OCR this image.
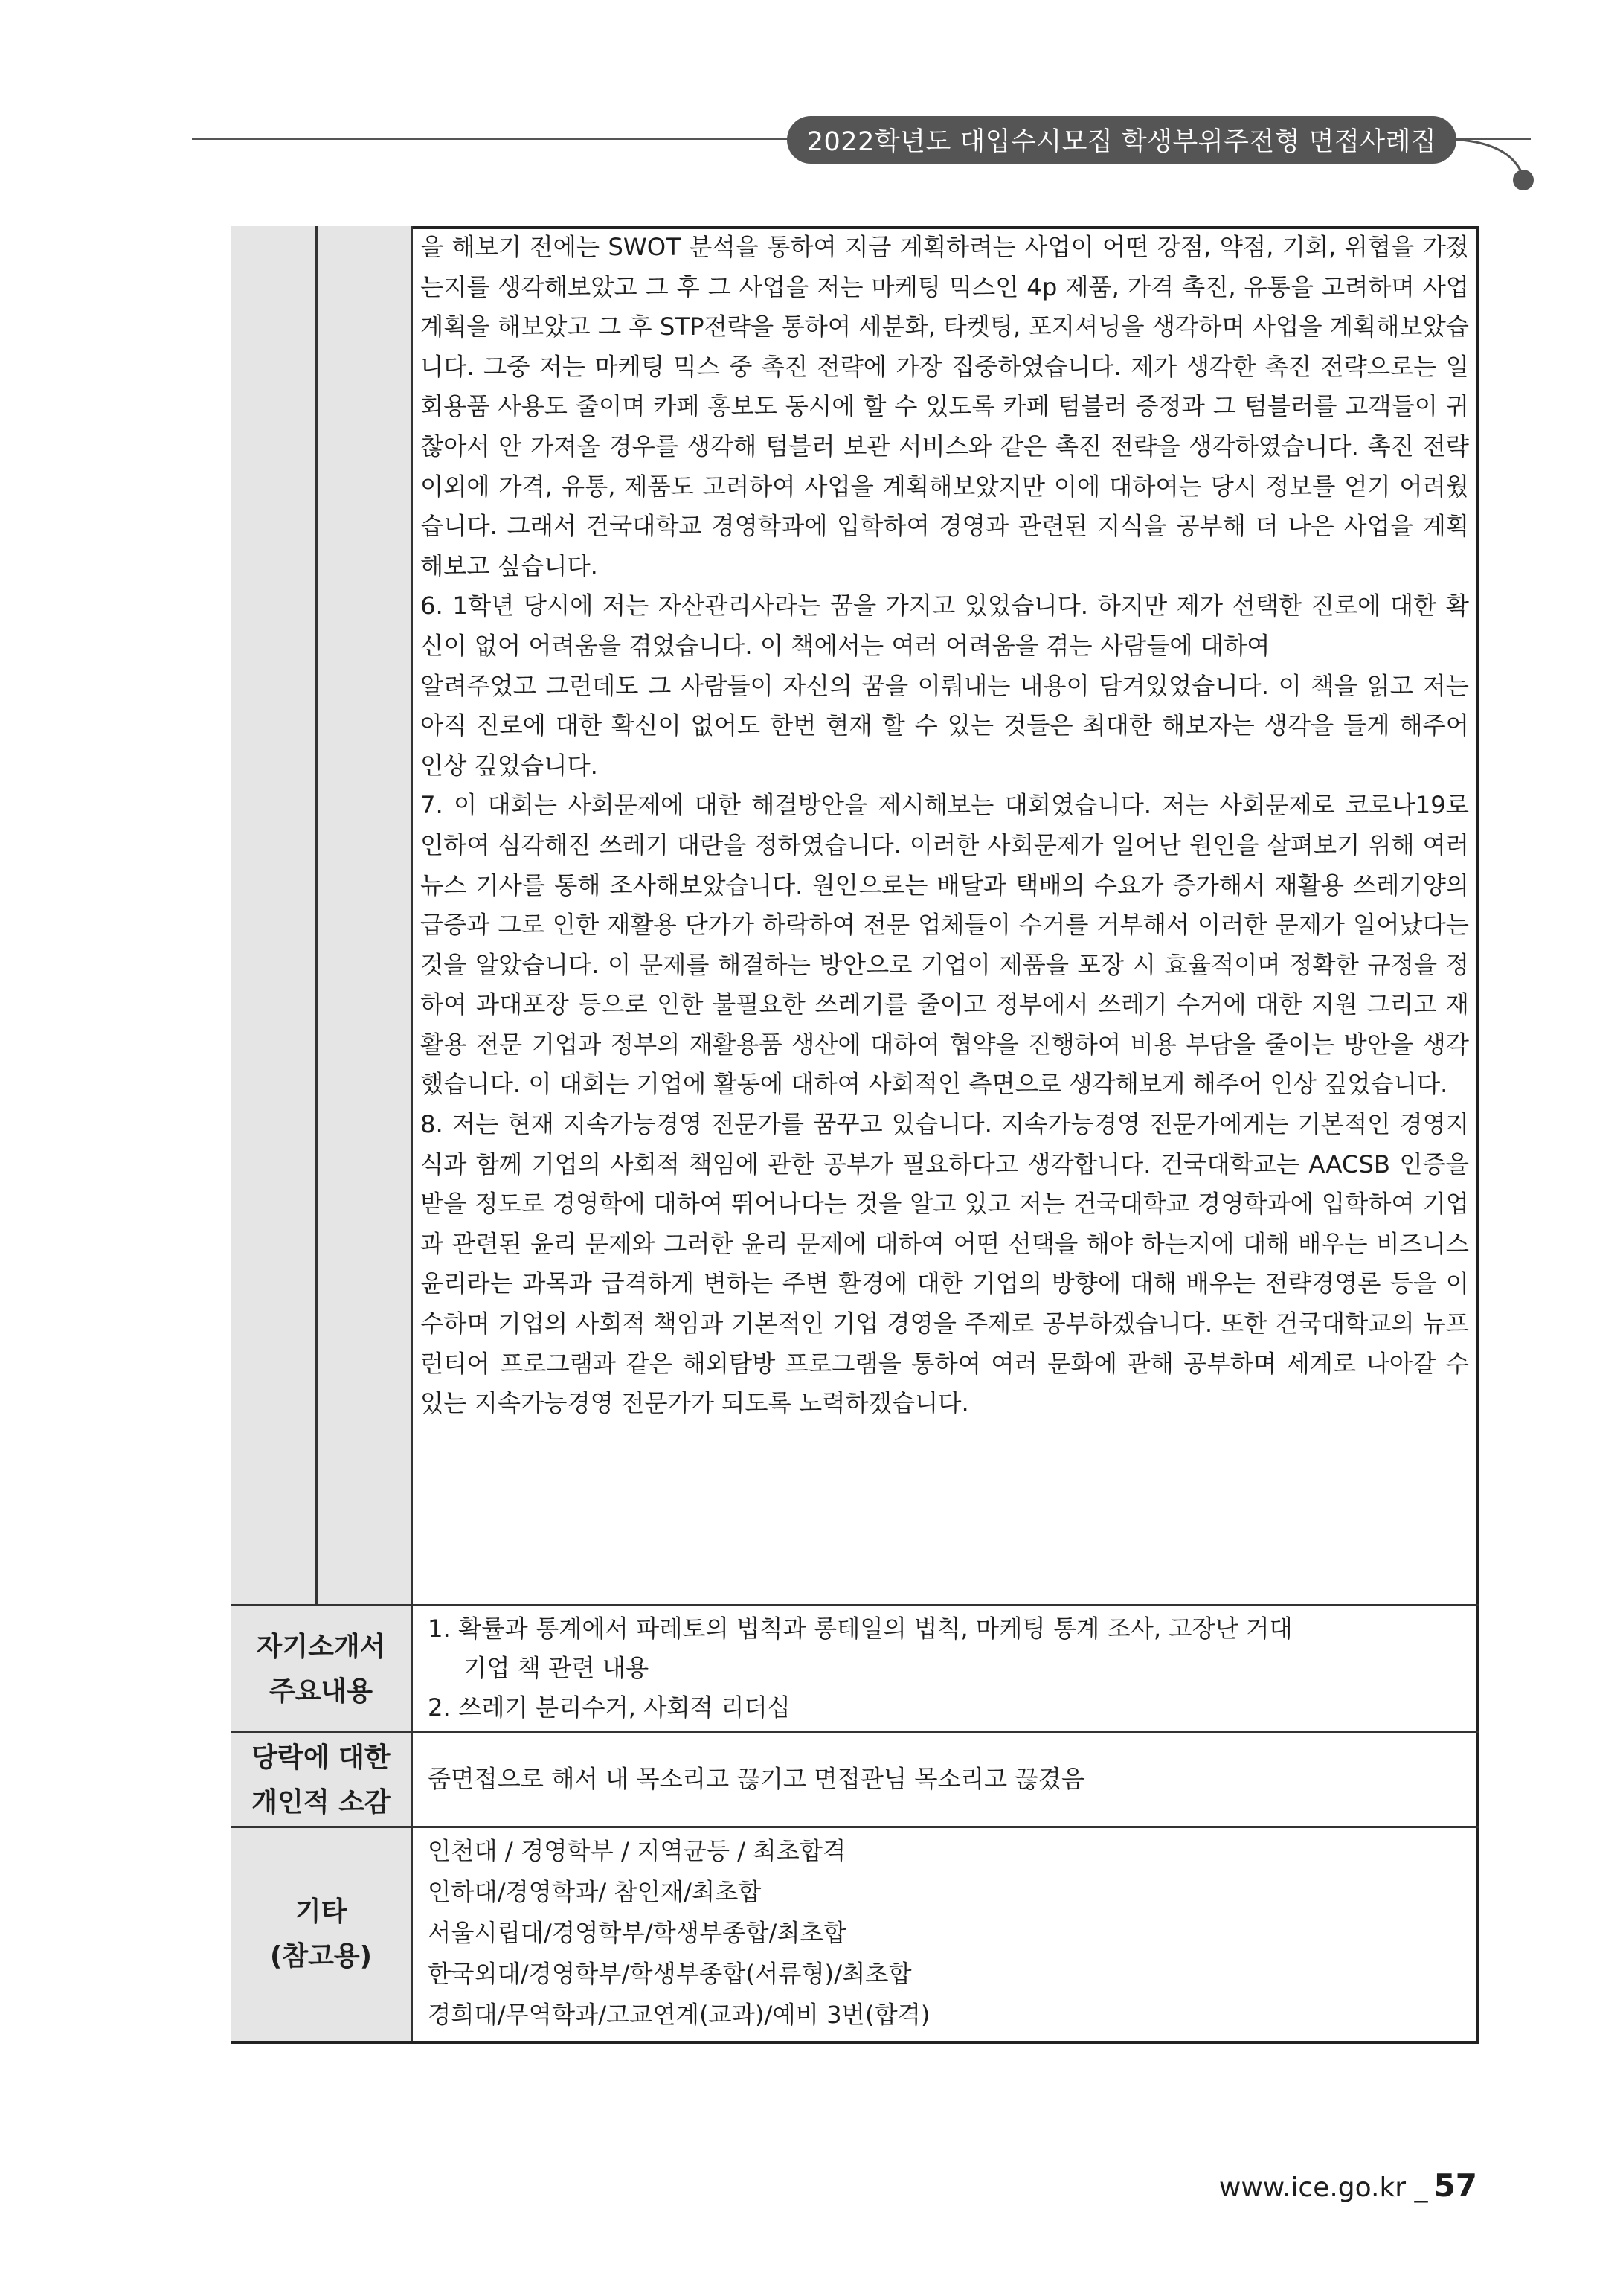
2022학년도 대입수시모집 학생부위주전형 면접사례집

을 해보기 전에는 SWOT 분석을 통하여 지금 계획하려는 사업이 어떤 강점, 약점, 기회, 위협을 가졌는지를 생각해보았고 그 후 그 사업을 저는 마케팅 믹스인 4p 제품, 가격 촉진, 유통을 고려하며 사업계획을 해보았고 그 후 STP전략을 통하여 세분화, 타켓팅, 포지셔닝을 생각하며 사업을 계획해보았습니다. 그중 저는 마케팅 믹스 중 촉진 전략에 가장 집중하였습니다. 제가 생각한 촉진 전략으로는 일회용품 사용도 줄이며 카페 홍보도 동시에 할 수 있도록 카페 텀블러 증정과 그 텀블러를 고객들이 귀찮아서 안 가져올 경우를 생각해 텀블러 보관 서비스와 같은 촉진 전략을 생각하였습니다. 촉진 전략 이외에 가격, 유통, 제품도 고려하여 사업을 계획해보았지만 이에 대하여는 당시 정보를 얻기 어려웠습니다. 그래서 건국대학교 경영학과에 입학하여 경영과 관련된 지식을 공부해 더 나은 사업을 계획해보고 싶습니다.

6. 1학년 당시에 저는 자산관리사라는 꿈을 가지고 있었습니다. 하지만 제가 선택한 진로에 대한 확신이 없어 어려움을 겪었습니다. 이 책에서는 여러 어려움을 겪는 사람들에 대하여

알려주었고 그런데도 그 사람들이 자신의 꿈을 이뤄내는 내용이 담겨있었습니다. 이 책을 읽고 저는 아직 진로에 대한 확신이 없어도 한번 현재 할 수 있는 것들은 최대한 해보자는 생각을 들게 해주어 인상 깊었습니다.

7. 이 대회는 사회문제에 대한 해결방안을 제시해보는 대회였습니다. 저는 사회문제로 코로나19로 인하여 심각해진 쓰레기 대란을 정하였습니다. 이러한 사회문제가 일어난 원인을 살펴보기 위해 여러 뉴스 기사를 통해 조사해보았습니다. 원인으로는 배달과 택배의 수요가 증가해서 재활용 쓰레기양의 급증과 그로 인한 재활용 단가가 하락하여 전문 업체들이 수거를 거부해서 이러한 문제가 일어났다는 것을 알았습니다. 이 문제를 해결하는 방안으로 기업이 제품을 포장 시 효율적이며 정확한 규정을 정하여 과대포장 등으로 인한 불필요한 쓰레기를 줄이고 정부에서 쓰레기 수거에 대한 지원 그리고 재활용 전문 기업과 정부의 재활용품 생산에 대하여 협약을 진행하여 비용 부담을 줄이는 방안을 생각했습니다. 이 대회는 기업에 활동에 대하여 사회적인 측면으로 생각해보게 해주어 인상 깊었습니다.

8. 저는 현재 지속가능경영 전문가를 꿈꾸고 있습니다. 지속가능경영 전문가에게는 기본적인 경영지식과 함께 기업의 사회적 책임에 관한 공부가 필요하다고 생각합니다. 건국대학교는 AACSB 인증을 받을 정도로 경영학에 대하여 뛰어나다는 것을 알고 있고 저는 건국대학교 경영학과에 입학하여 기업과 관련된 윤리 문제와 그러한 윤리 문제에 대하여 어떤 선택을 해야 하는지에 대해 배우는 비즈니스 윤리라는 과목과 급격하게 변하는 주변 환경에 대한 기업의 방향에 대해 배우는 전략경영론 등을 이수하며 기업의 사회적 책임과 기본적인 기업 경영을 주제로 공부하겠습니다. 또한 건국대학교의 뉴프런티어 프로그램과 같은 해외탐방 프로그램을 통하여 여러 문화에 관해 공부하며 세계로 나아갈 수 있는 지속가능경영 전문가가 되도록 노력하겠습니다.

자기소개서
주요내용

1. 확률과 통계에서 파레토의 법칙과 롱테일의 법칙, 마케팅 통계 조사, 고장난 거대

기업 책 관련 내용

2. 쓰레기 분리수거, 사회적 리더십

당락에 대한
개인적 소감

줌면접으로 해서 내 목소리고 끊기고 면접관님 목소리고 끊겼음

기타
(참고용)

인천대 / 경영학부 / 지역균등 / 최초합격

인하대/경영학과/ 참인재/최초합

서울시립대/경영학부/학생부종합/최초합

한국외대/경영학부/학생부종합(서류형)/최초합

경희대/무역학과/고교연계(교과)/예비 3번(합격)

www.ice.go.kr _ 57
